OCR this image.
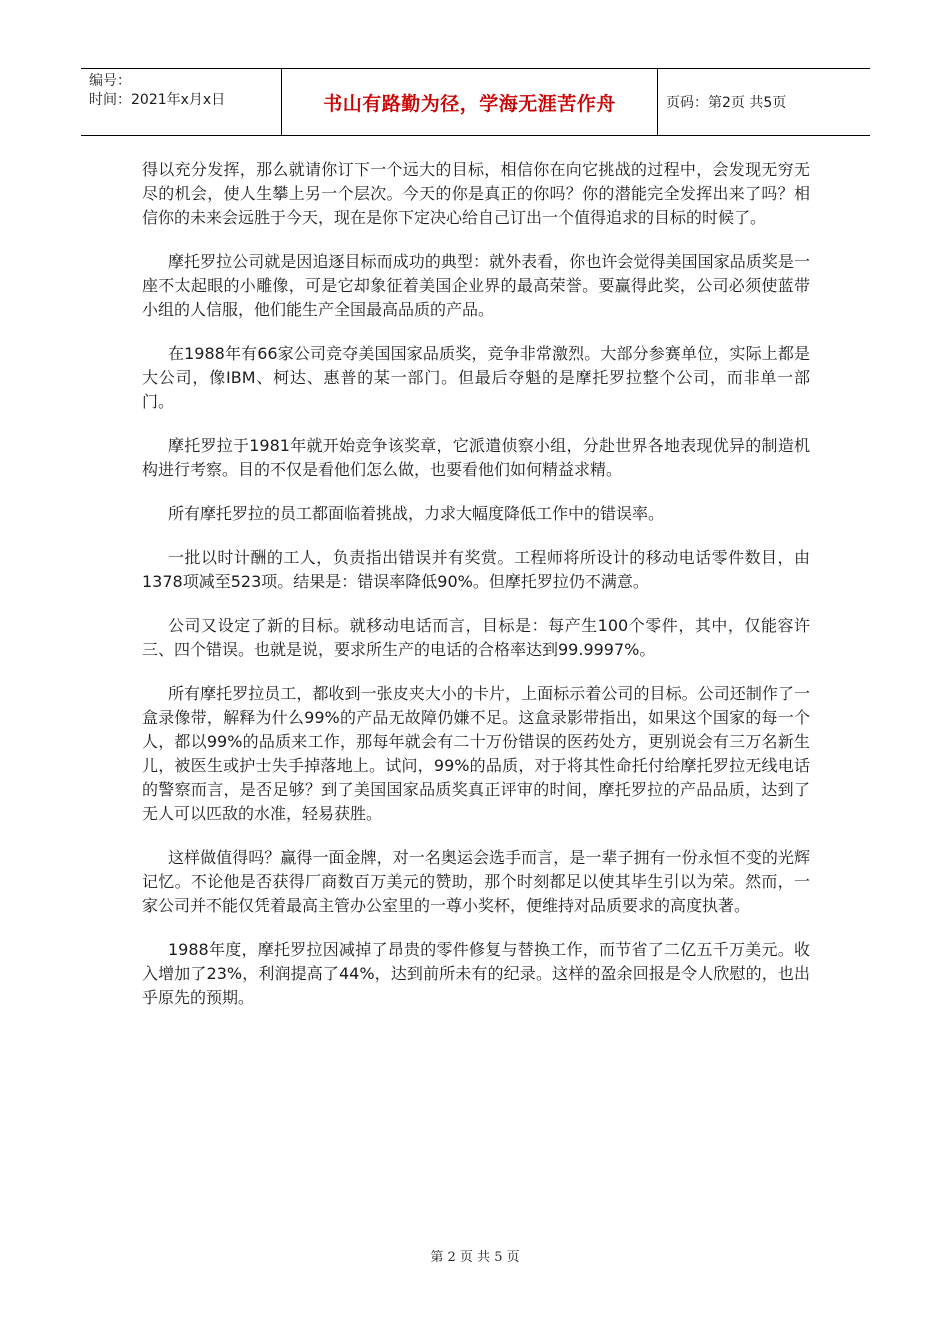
编号：
时间：2021年x月x日	书山有路勤为径，学海无涯苦作舟	页码：第2页 共5页

得以充分发挥，那么就请你订下一个远大的目标，相信你在向它挑战的过程中，会发现无穷无尽的机会，使人生攀上另一个层次。今天的你是真正的你吗？你的潜能完全发挥出来了吗？相信你的未来会远胜于今天，现在是你下定决心给自己订出一个值得追求的目标的时候了。

摩托罗拉公司就是因追逐目标而成功的典型：就外表看，你也许会觉得美国国家品质奖是一座不太起眼的小雕像，可是它却象征着美国企业界的最高荣誉。要赢得此奖，公司必须使蓝带小组的人信服，他们能生产全国最高品质的产品。

在1988年有66家公司竞夺美国国家品质奖，竞争非常激烈。大部分参赛单位，实际上都是大公司，像IBM、柯达、惠普的某一部门。但最后夺魁的是摩托罗拉整个公司，而非单一部门。

摩托罗拉于1981年就开始竞争该奖章，它派遣侦察小组，分赴世界各地表现优异的制造机构进行考察。目的不仅是看他们怎么做，也要看他们如何精益求精。

所有摩托罗拉的员工都面临着挑战，力求大幅度降低工作中的错误率。

一批以时计酬的工人，负责指出错误并有奖赏。工程师将所设计的移动电话零件数目，由1378项减至523项。结果是：错误率降低90%。但摩托罗拉仍不满意。

公司又设定了新的目标。就移动电话而言，目标是：每产生100个零件，其中，仅能容许三、四个错误。也就是说，要求所生产的电话的合格率达到99.9997%。

所有摩托罗拉员工，都收到一张皮夹大小的卡片，上面标示着公司的目标。公司还制作了一盒录像带，解释为什么99%的产品无故障仍嫌不足。这盒录影带指出，如果这个国家的每一个人，都以99%的品质来工作，那每年就会有二十万份错误的医药处方，更别说会有三万名新生儿，被医生或护士失手掉落地上。试问，99%的品质，对于将其性命托付给摩托罗拉无线电话的警察而言，是否足够？到了美国国家品质奖真正评审的时间，摩托罗拉的产品品质，达到了无人可以匹敌的水准，轻易获胜。

这样做值得吗？赢得一面金牌，对一名奥运会选手而言，是一辈子拥有一份永恒不变的光辉记忆。不论他是否获得厂商数百万美元的赞助，那个时刻都足以使其毕生引以为荣。然而，一家公司并不能仅凭着最高主管办公室里的一尊小奖杯，便维持对品质要求的高度执著。

1988年度，摩托罗拉因减掉了昂贵的零件修复与替换工作，而节省了二亿五千万美元。收入增加了23%，利润提高了44%，达到前所未有的纪录。这样的盈余回报是令人欣慰的，也出乎原先的预期。

第 2 页 共 5 页
